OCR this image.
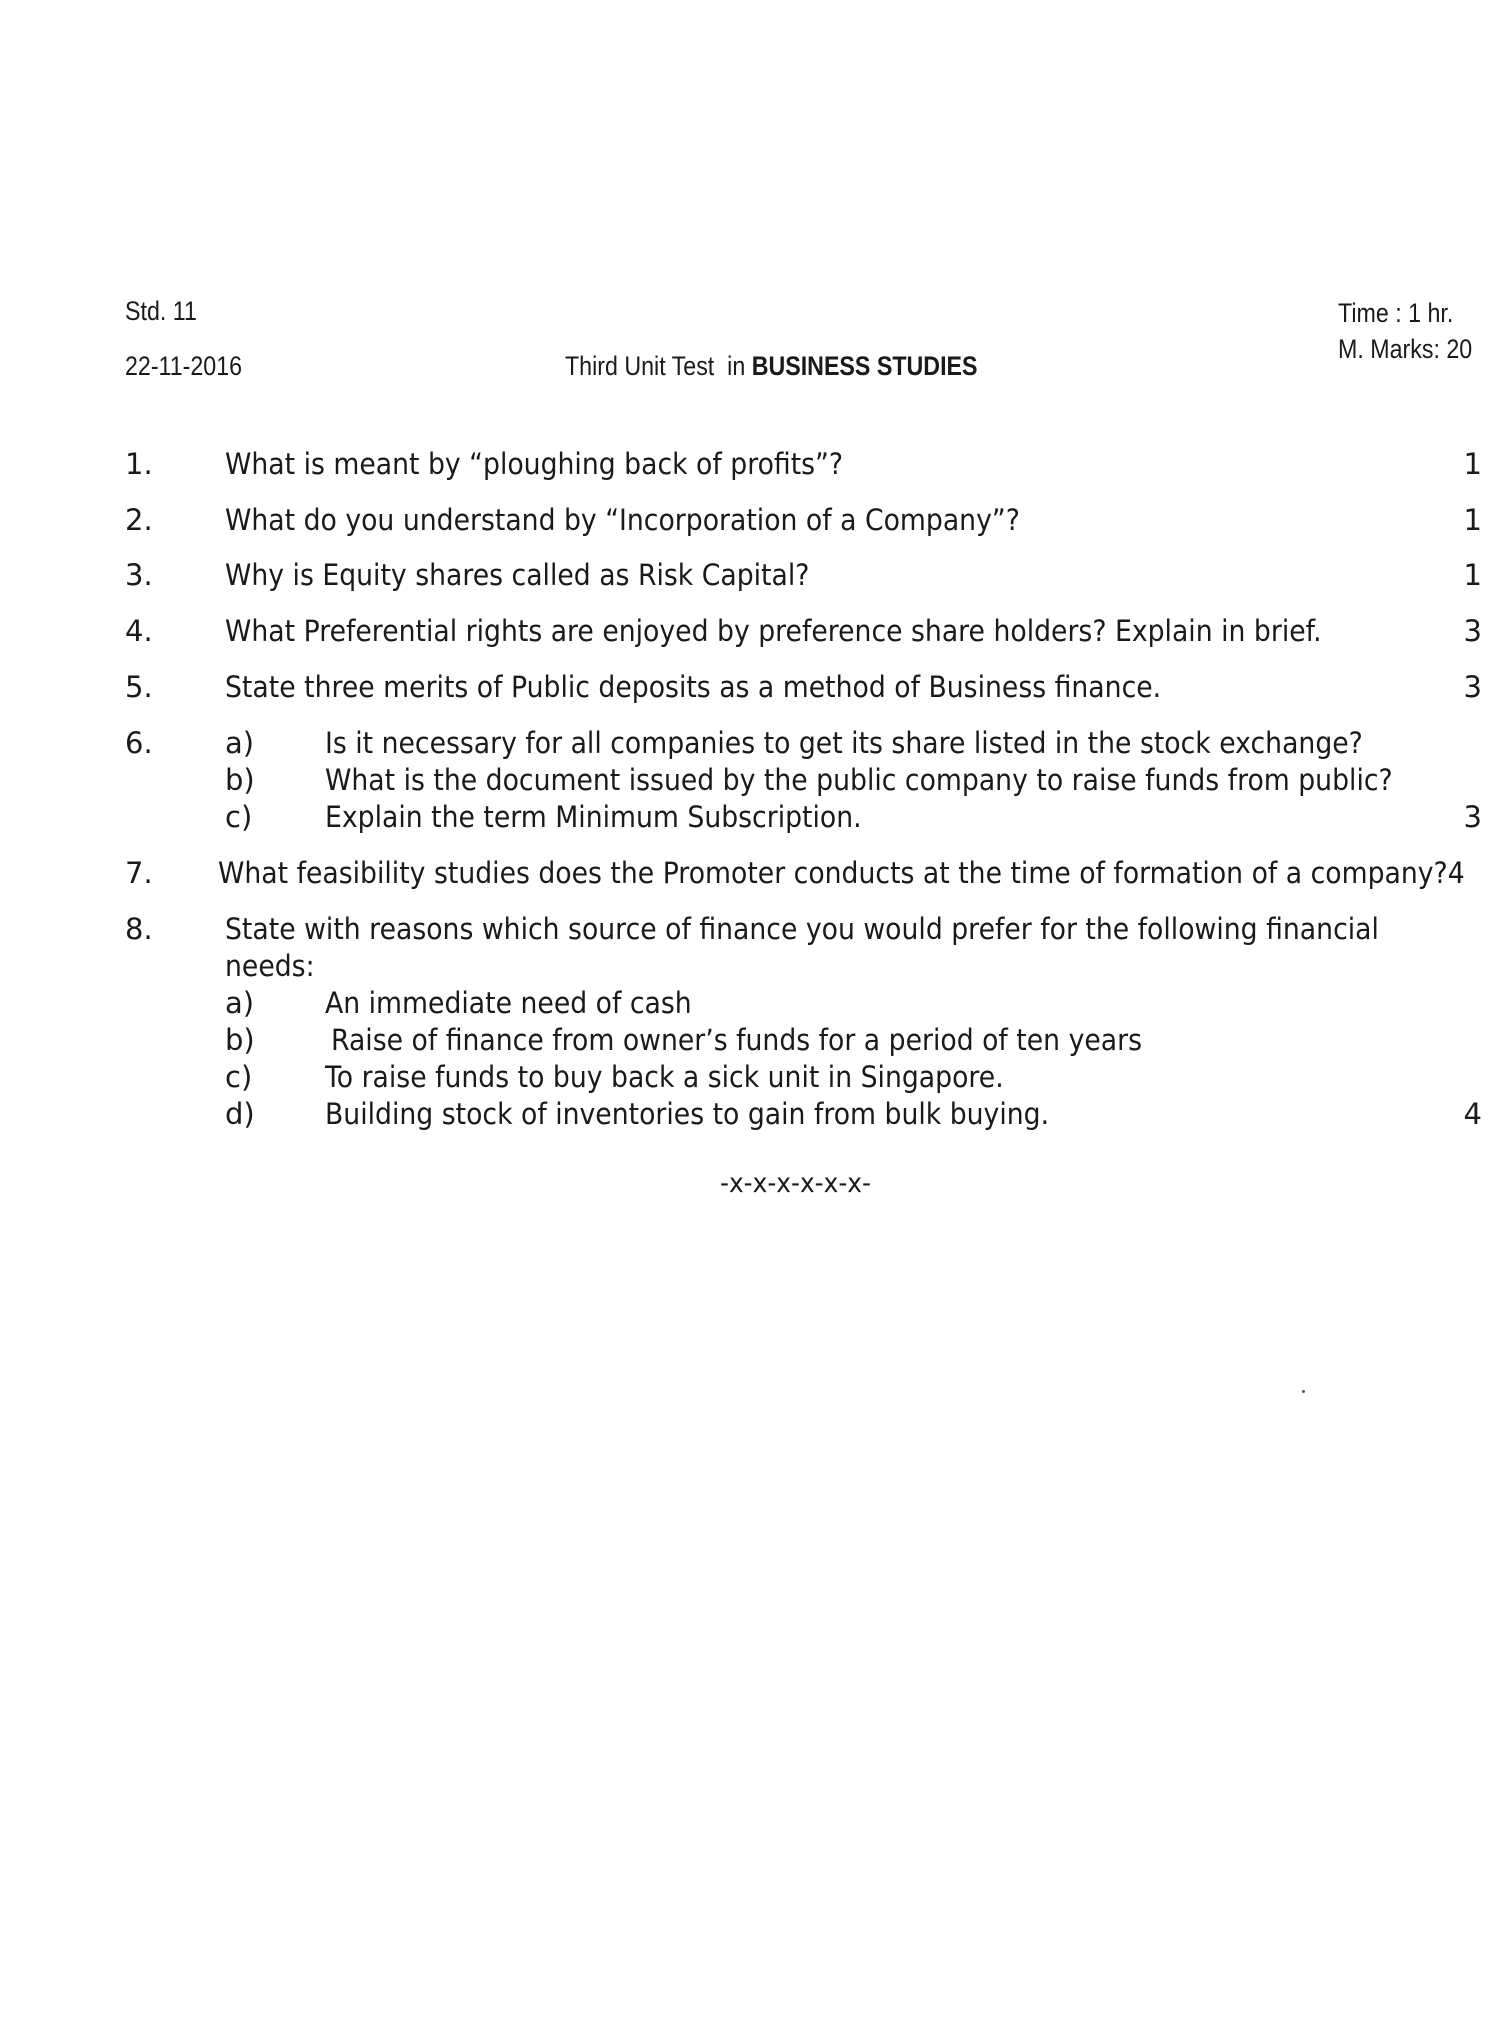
Std. 11
22-11-2016	Third Unit Test  in BUSINESS STUDIES
Time : 1 hr.
M. Marks: 20
1. What is meant by “ploughing back of profits”?	1
2. What do you understand by “Incorporation of a Company”?	1
3. Why is Equity shares called as Risk Capital?	1
4. What Preferential rights are enjoyed by preference share holders? Explain in brief.	3
5. State three merits of Public deposits as a method of Business finance.	3
6. a) Is it necessary for all companies to get its share listed in the stock exchange?
b) What is the document issued by the public company to raise funds from public?
c)	Explain the term Minimum Subscription.	3
7. What feasibility studies does the Promoter conducts at the time of formation of a company?4
8. State with reasons which source of finance you would prefer for the following financial
needs:
a) An immediate need of cash
b)	Raise of finance from owner’s funds for a period of ten years
c)	To raise funds to buy back a sick unit in Singapore.
d) Building stock of inventories to gain from bulk buying.	4
-x-x-x-x-x-x-
